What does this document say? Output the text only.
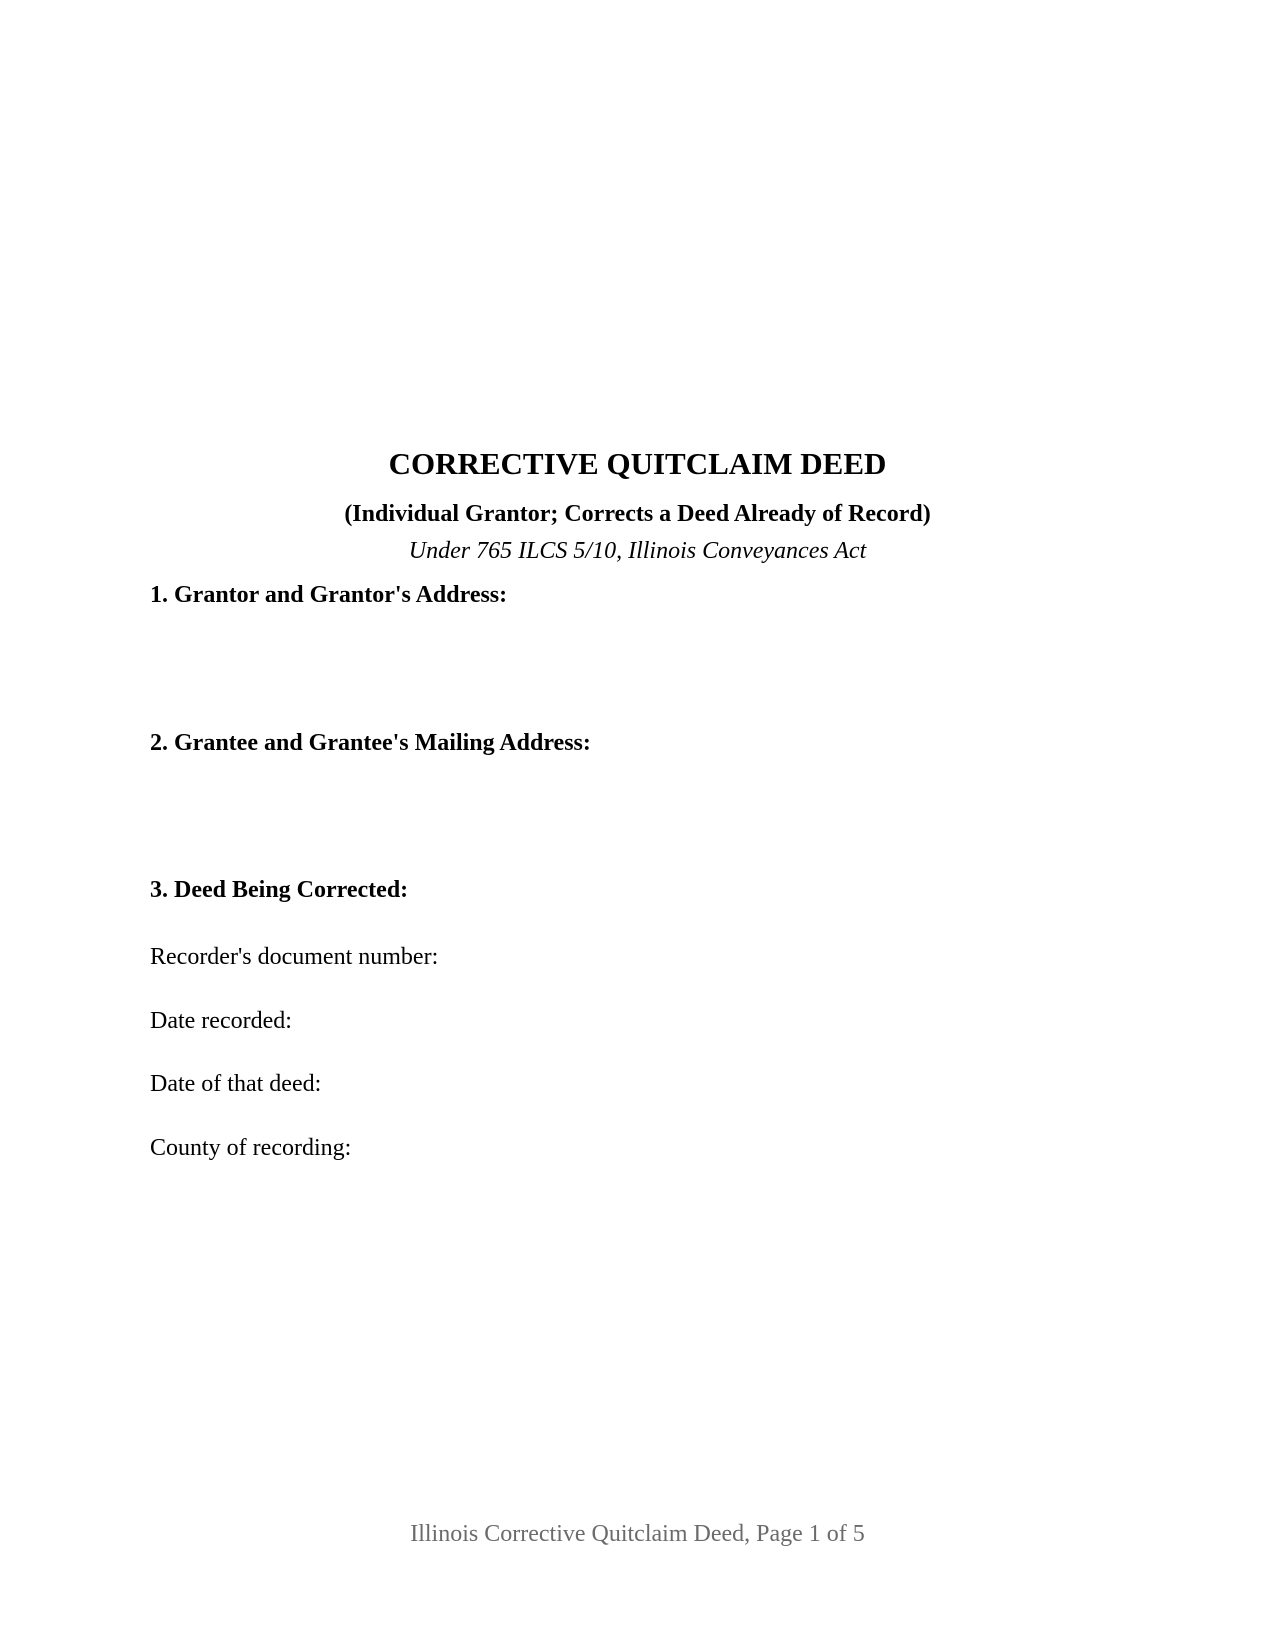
CORRECTIVE QUITCLAIM DEED
(Individual Grantor; Corrects a Deed Already of Record)
Under 765 ILCS 5/10, Illinois Conveyances Act
1. Grantor and Grantor's Address:
2. Grantee and Grantee's Mailing Address:
3. Deed Being Corrected:
Recorder's document number:
Date recorded:
Date of that deed:
County of recording:
Illinois Corrective Quitclaim Deed, Page 1 of 5
